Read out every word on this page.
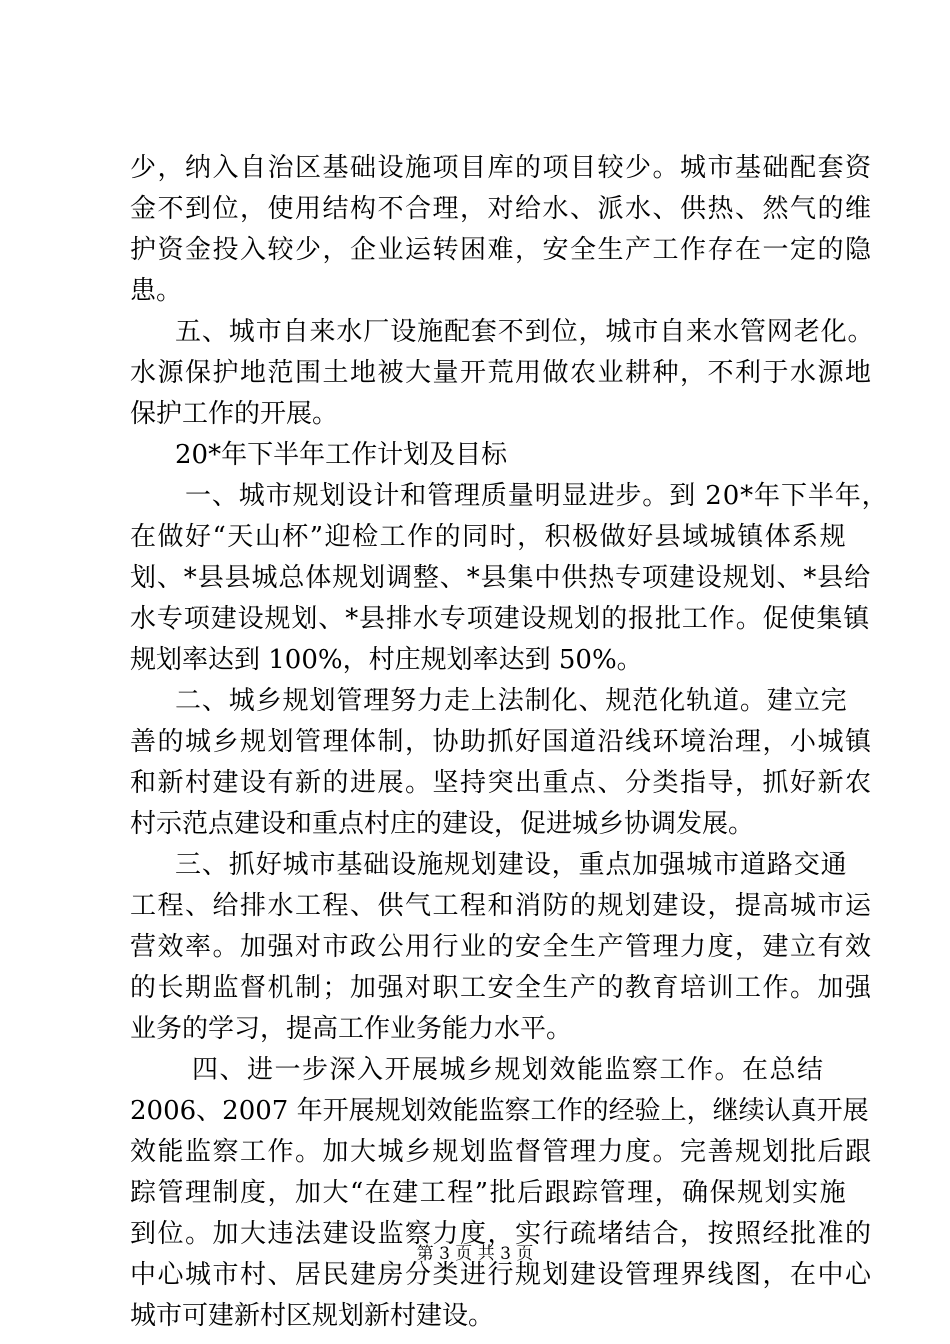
少，纳入自治区基础设施项目库的项目较少。城市基础配套资
金不到位，使用结构不合理，对给水、派水、供热、然气的维
护资金投入较少，企业运转困难，安全生产工作存在一定的隐
患。
五、城市自来水厂设施配套不到位，城市自来水管网老化。
水源保护地范围土地被大量开荒用做农业耕种，不利于水源地
保护工作的开展。
20*年下半年工作计划及目标
一、城市规划设计和管理质量明显进步。到 20*年下半年，
在做好“天山杯”迎检工作的同时，积极做好县域城镇体系规
划、*县县城总体规划调整、*县集中供热专项建设规划、*县给
水专项建设规划、*县排水专项建设规划的报批工作。促使集镇
规划率达到 100%，村庄规划率达到 50%。
二、城乡规划管理努力走上法制化、规范化轨道。建立完
善的城乡规划管理体制，协助抓好国道沿线环境治理，小城镇
和新村建设有新的进展。坚持突出重点、分类指导，抓好新农
村示范点建设和重点村庄的建设，促进城乡协调发展。
三、抓好城市基础设施规划建设，重点加强城市道路交通
工程、给排水工程、供气工程和消防的规划建设，提高城市运
营效率。加强对市政公用行业的安全生产管理力度，建立有效
的长期监督机制；加强对职工安全生产的教育培训工作。加强
业务的学习，提高工作业务能力水平。
四、进一步深入开展城乡规划效能监察工作。在总结
2006、2007 年开展规划效能监察工作的经验上，继续认真开展
效能监察工作。加大城乡规划监督管理力度。完善规划批后跟
踪管理制度，加大“在建工程”批后跟踪管理，确保规划实施
到位。加大违法建设监察力度，实行疏堵结合，按照经批准的
中心城市村、居民建房分类进行规划建设管理界线图，在中心
城市可建新村区规划新村建设。
第 3 页 共 3 页
